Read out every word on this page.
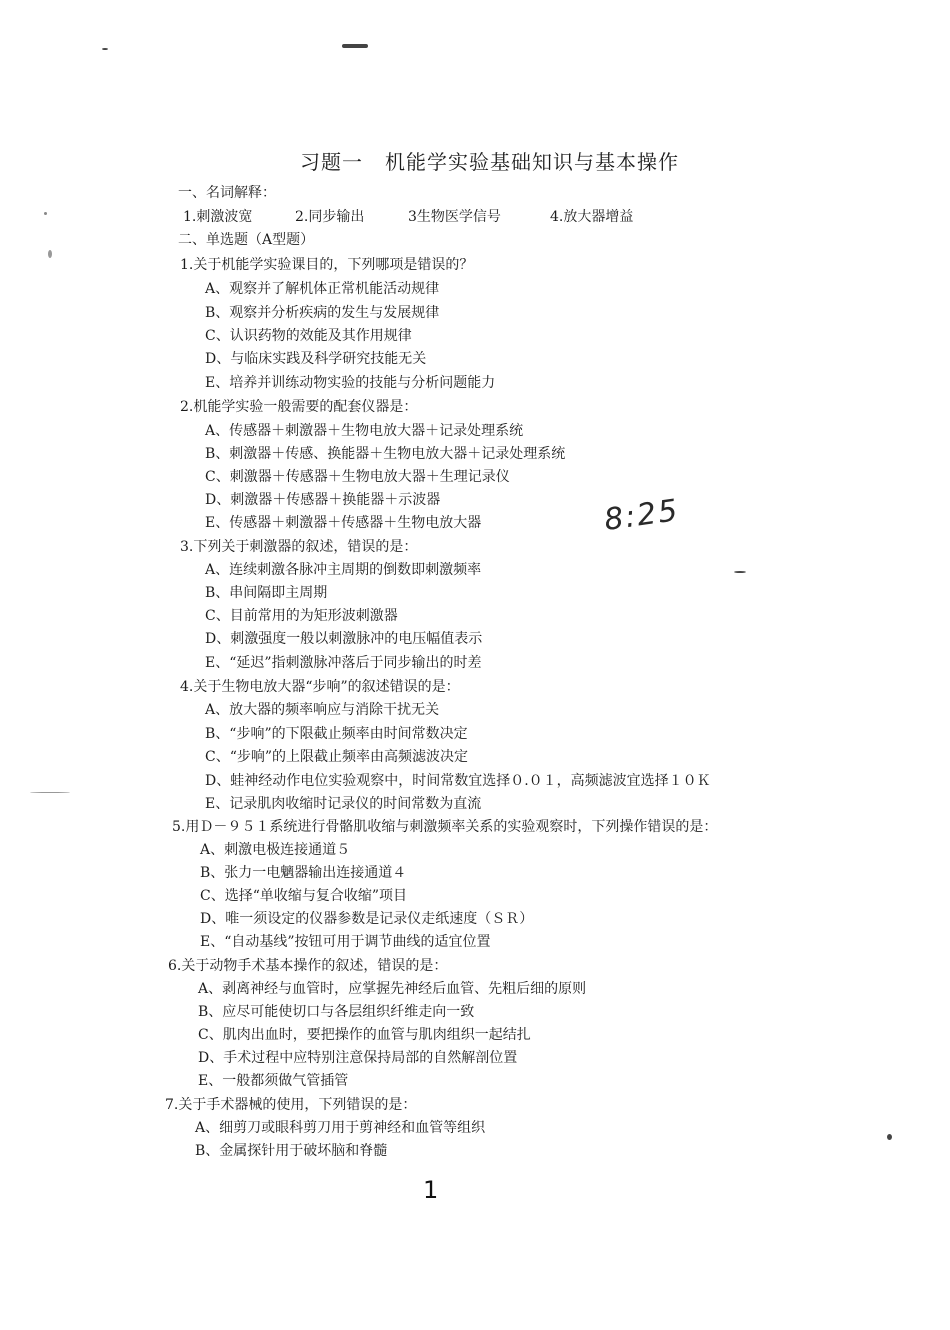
习题一 机能学实验基础知识与基本操作
一、名词解释：
1.刺激波宽	2.同步输出	3生物医学信号	4.放大器增益
二、单选题（A型题）
1.关于机能学实验课目的，下列哪项是错误的？
A、观察并了解机体正常机能活动规律
B、观察并分析疾病的发生与发展规律
C、认识药物的效能及其作用规律
D、与临床实践及科学研究技能无关
E、培养并训练动物实验的技能与分析问题能力
2.机能学实验一般需要的配套仪器是：
A、传感器＋刺激器＋生物电放大器＋记录处理系统
B、刺激器＋传感、换能器＋生物电放大器＋记录处理系统
C、刺激器＋传感器＋生物电放大器＋生理记录仪
D、刺激器＋传感器＋换能器＋示波器
E、传感器＋刺激器＋传感器＋生物电放大器
3.下列关于刺激器的叙述，错误的是：
A、连续刺激各脉冲主周期的倒数即刺激频率
B、串间隔即主周期
C、目前常用的为矩形波刺激器
D、刺激强度一般以刺激脉冲的电压幅值表示
E、“延迟”指刺激脉冲落后于同步输出的时差
4.关于生物电放大器“步响”的叙述错误的是：
A、放大器的频率响应与消除干扰无关
B、“步响”的下限截止频率由时间常数决定
C、“步响”的上限截止频率由高频滤波决定
D、蛙神经动作电位实验观察中，时间常数宜选择０.０１，高频滤波宜选择１０Ｋ
E、记录肌肉收缩时记录仪的时间常数为直流
5.用Ｄ－９５１系统进行骨骼肌收缩与刺激频率关系的实验观察时，下列操作错误的是：
A、刺激电极连接通道５
B、张力一电魑器输出连接通道４
C、选择“单收缩与复合收缩”项目
D、唯一须设定的仪器参数是记录仪走纸速度（ＳＲ）
E、“自动基线”按钮可用于调节曲线的适宜位置
6.关于动物手术基本操作的叙述，错误的是：
A、剥离神经与血管时，应掌握先神经后血管、先粗后细的原则
B、应尽可能使切口与各层组织纤维走向一致
C、肌肉出血时，要把操作的血管与肌肉组织一起结扎
D、手术过程中应特别注意保持局部的自然解剖位置
E、一般都须做气管插管
7.关于手术器械的使用，下列错误的是：
A、细剪刀或眼科剪刀用于剪神经和血管等组织
B、金属探针用于破坏脑和脊髓
8:25
1
